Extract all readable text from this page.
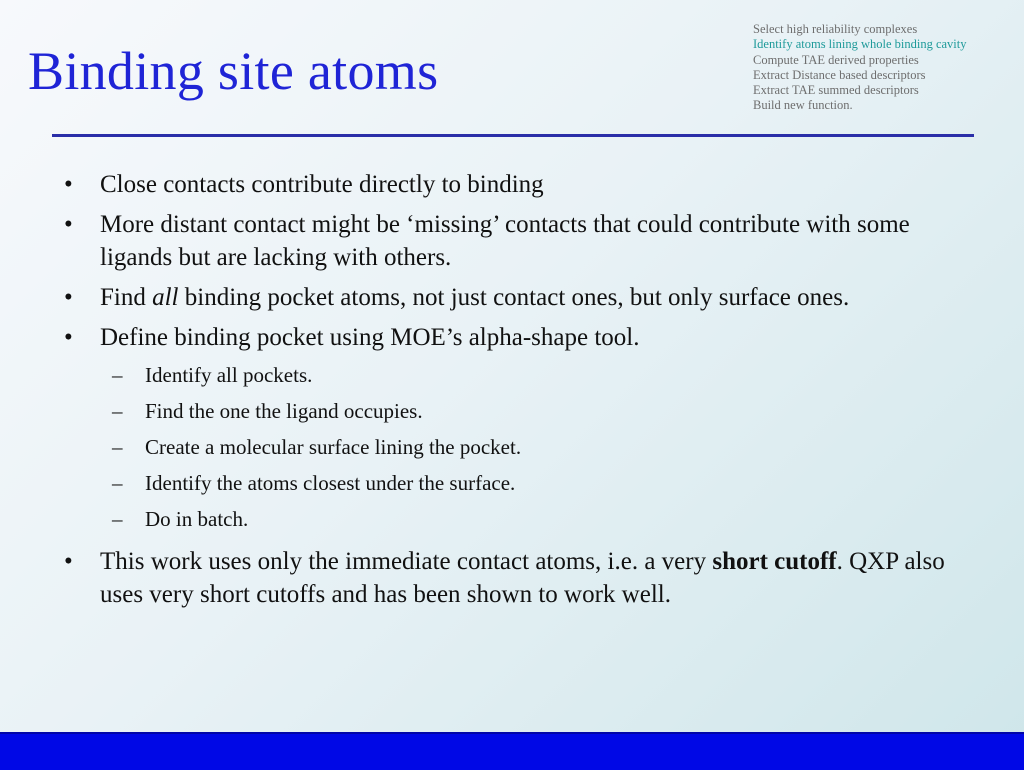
Binding site atoms
Select high reliability complexes
Identify atoms lining whole binding cavity
Compute TAE derived properties
Extract Distance based descriptors
Extract TAE summed descriptors
Build new function.
• Close contacts contribute directly to binding
• More distant contact might be ‘missing’ contacts that could contribute with some ligands but are lacking with others.
• Find all binding pocket atoms, not just contact ones, but only surface ones.
• Define binding pocket using MOE’s alpha-shape tool.
– Identify all pockets.
– Find the one the ligand occupies.
– Create a molecular surface lining the pocket.
– Identify the atoms closest under the surface.
– Do in batch.
• This work uses only the immediate contact atoms, i.e. a very short cutoff. QXP also uses very short cutoffs and has been shown to work well.
